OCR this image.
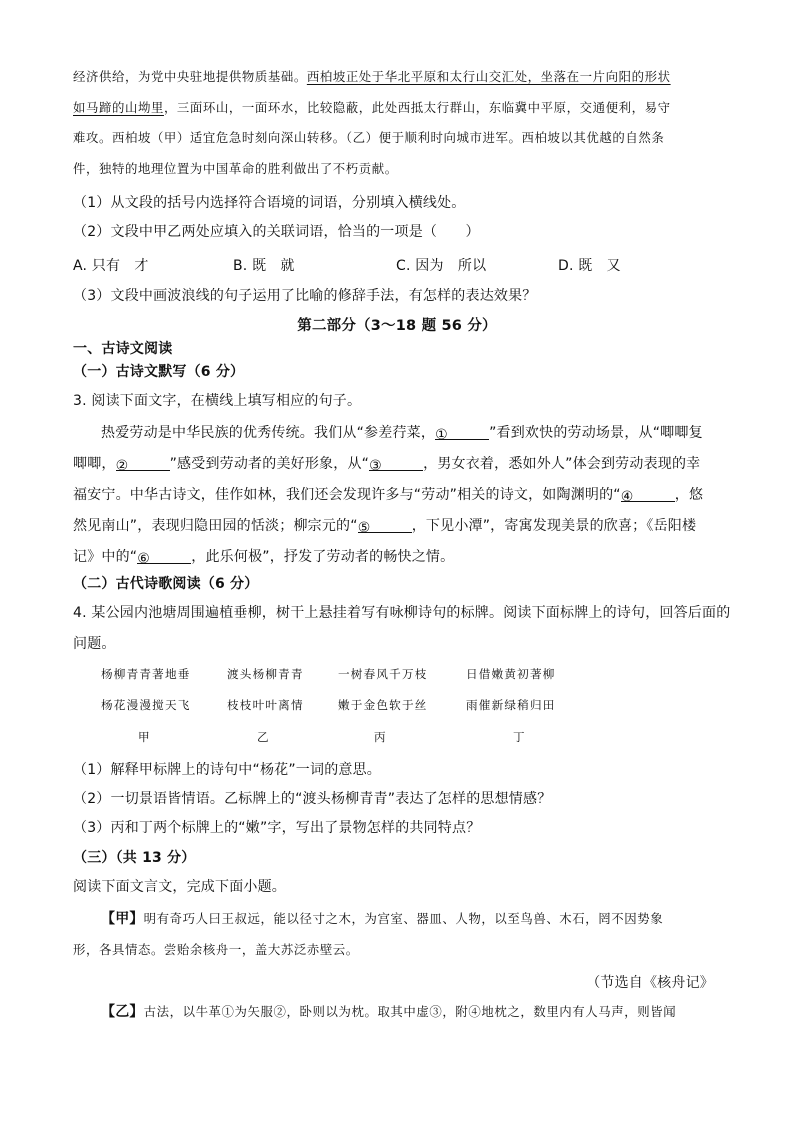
经济供给，为党中央驻地提供物质基础。西柏坡正处于华北平原和太行山交汇处，坐落在一片向阳的形状
如马蹄的山坳里，三面环山，一面环水，比较隐蔽，此处西抵太行群山，东临冀中平原，交通便利，易守
难攻。西柏坡（甲）适宜危急时刻向深山转移。（乙）便于顺利时向城市进军。西柏坡以其优越的自然条
件，独特的地理位置为中国革命的胜利做出了不朽贡献。
（1）从文段的括号内选择符合语境的词语，分别填入横线处。
（2）文段中甲乙两处应填入的关联词语，恰当的一项是（　　）
A. 只有　才	B. 既　就	C. 因为　所以	D. 既　又
（3）文段中画波浪线的句子运用了比喻的修辞手法，有怎样的表达效果？
第二部分（3～18 题 56 分）
一、古诗文阅读
（一）古诗文默写（6 分）
3. 阅读下面文字，在横线上填写相应的句子。
热爱劳动是中华民族的优秀传统。我们从“参差荇菜，①	”看到欢快的劳动场景，从“唧唧复
唧唧，②	”感受到劳动者的美好形象，从“③	，男女衣着，悉如外人”体会到劳动表现的幸
福安宁。中华古诗文，佳作如林，我们还会发现许多与“劳动”相关的诗文，如陶渊明的“④	，悠
然见南山”，表现归隐田园的恬淡；柳宗元的“⑤	，下见小潭”，寄寓发现美景的欣喜；《岳阳楼
记》中的“⑥	，此乐何极”，抒发了劳动者的畅快之情。
（二）古代诗歌阅读（6 分）
4. 某公园内池塘周围遍植垂柳，树干上悬挂着写有咏柳诗句的标牌。阅读下面标牌上的诗句，回答后面的
问题。
杨柳青青著地垂
杨花漫漫搅天飞
甲
渡头杨柳青青
枝枝叶叶离情
乙
一树春风千万枝
嫩于金色软于丝
丙
日借嫩黄初著柳
雨催新绿稍归田
丁
（1）解释甲标牌上的诗句中“杨花”一词的意思。
（2）一切景语皆情语。乙标牌上的“渡头杨柳青青”表达了怎样的思想情感？
（3）丙和丁两个标牌上的“嫩”字，写出了景物怎样的共同特点？
（三）（共 13 分）
阅读下面文言文，完成下面小题。
【甲】明有奇巧人曰王叔远，能以径寸之木，为宫室、器皿、人物，以至鸟兽、木石，罔不因势象
形，各具情态。尝贻余核舟一，盖大苏泛赤壁云。
（节选自《核舟记》
【乙】古法，以牛革①为矢服②，卧则以为枕。取其中虚③，附④地枕之，数里内有人马声，则皆闻
